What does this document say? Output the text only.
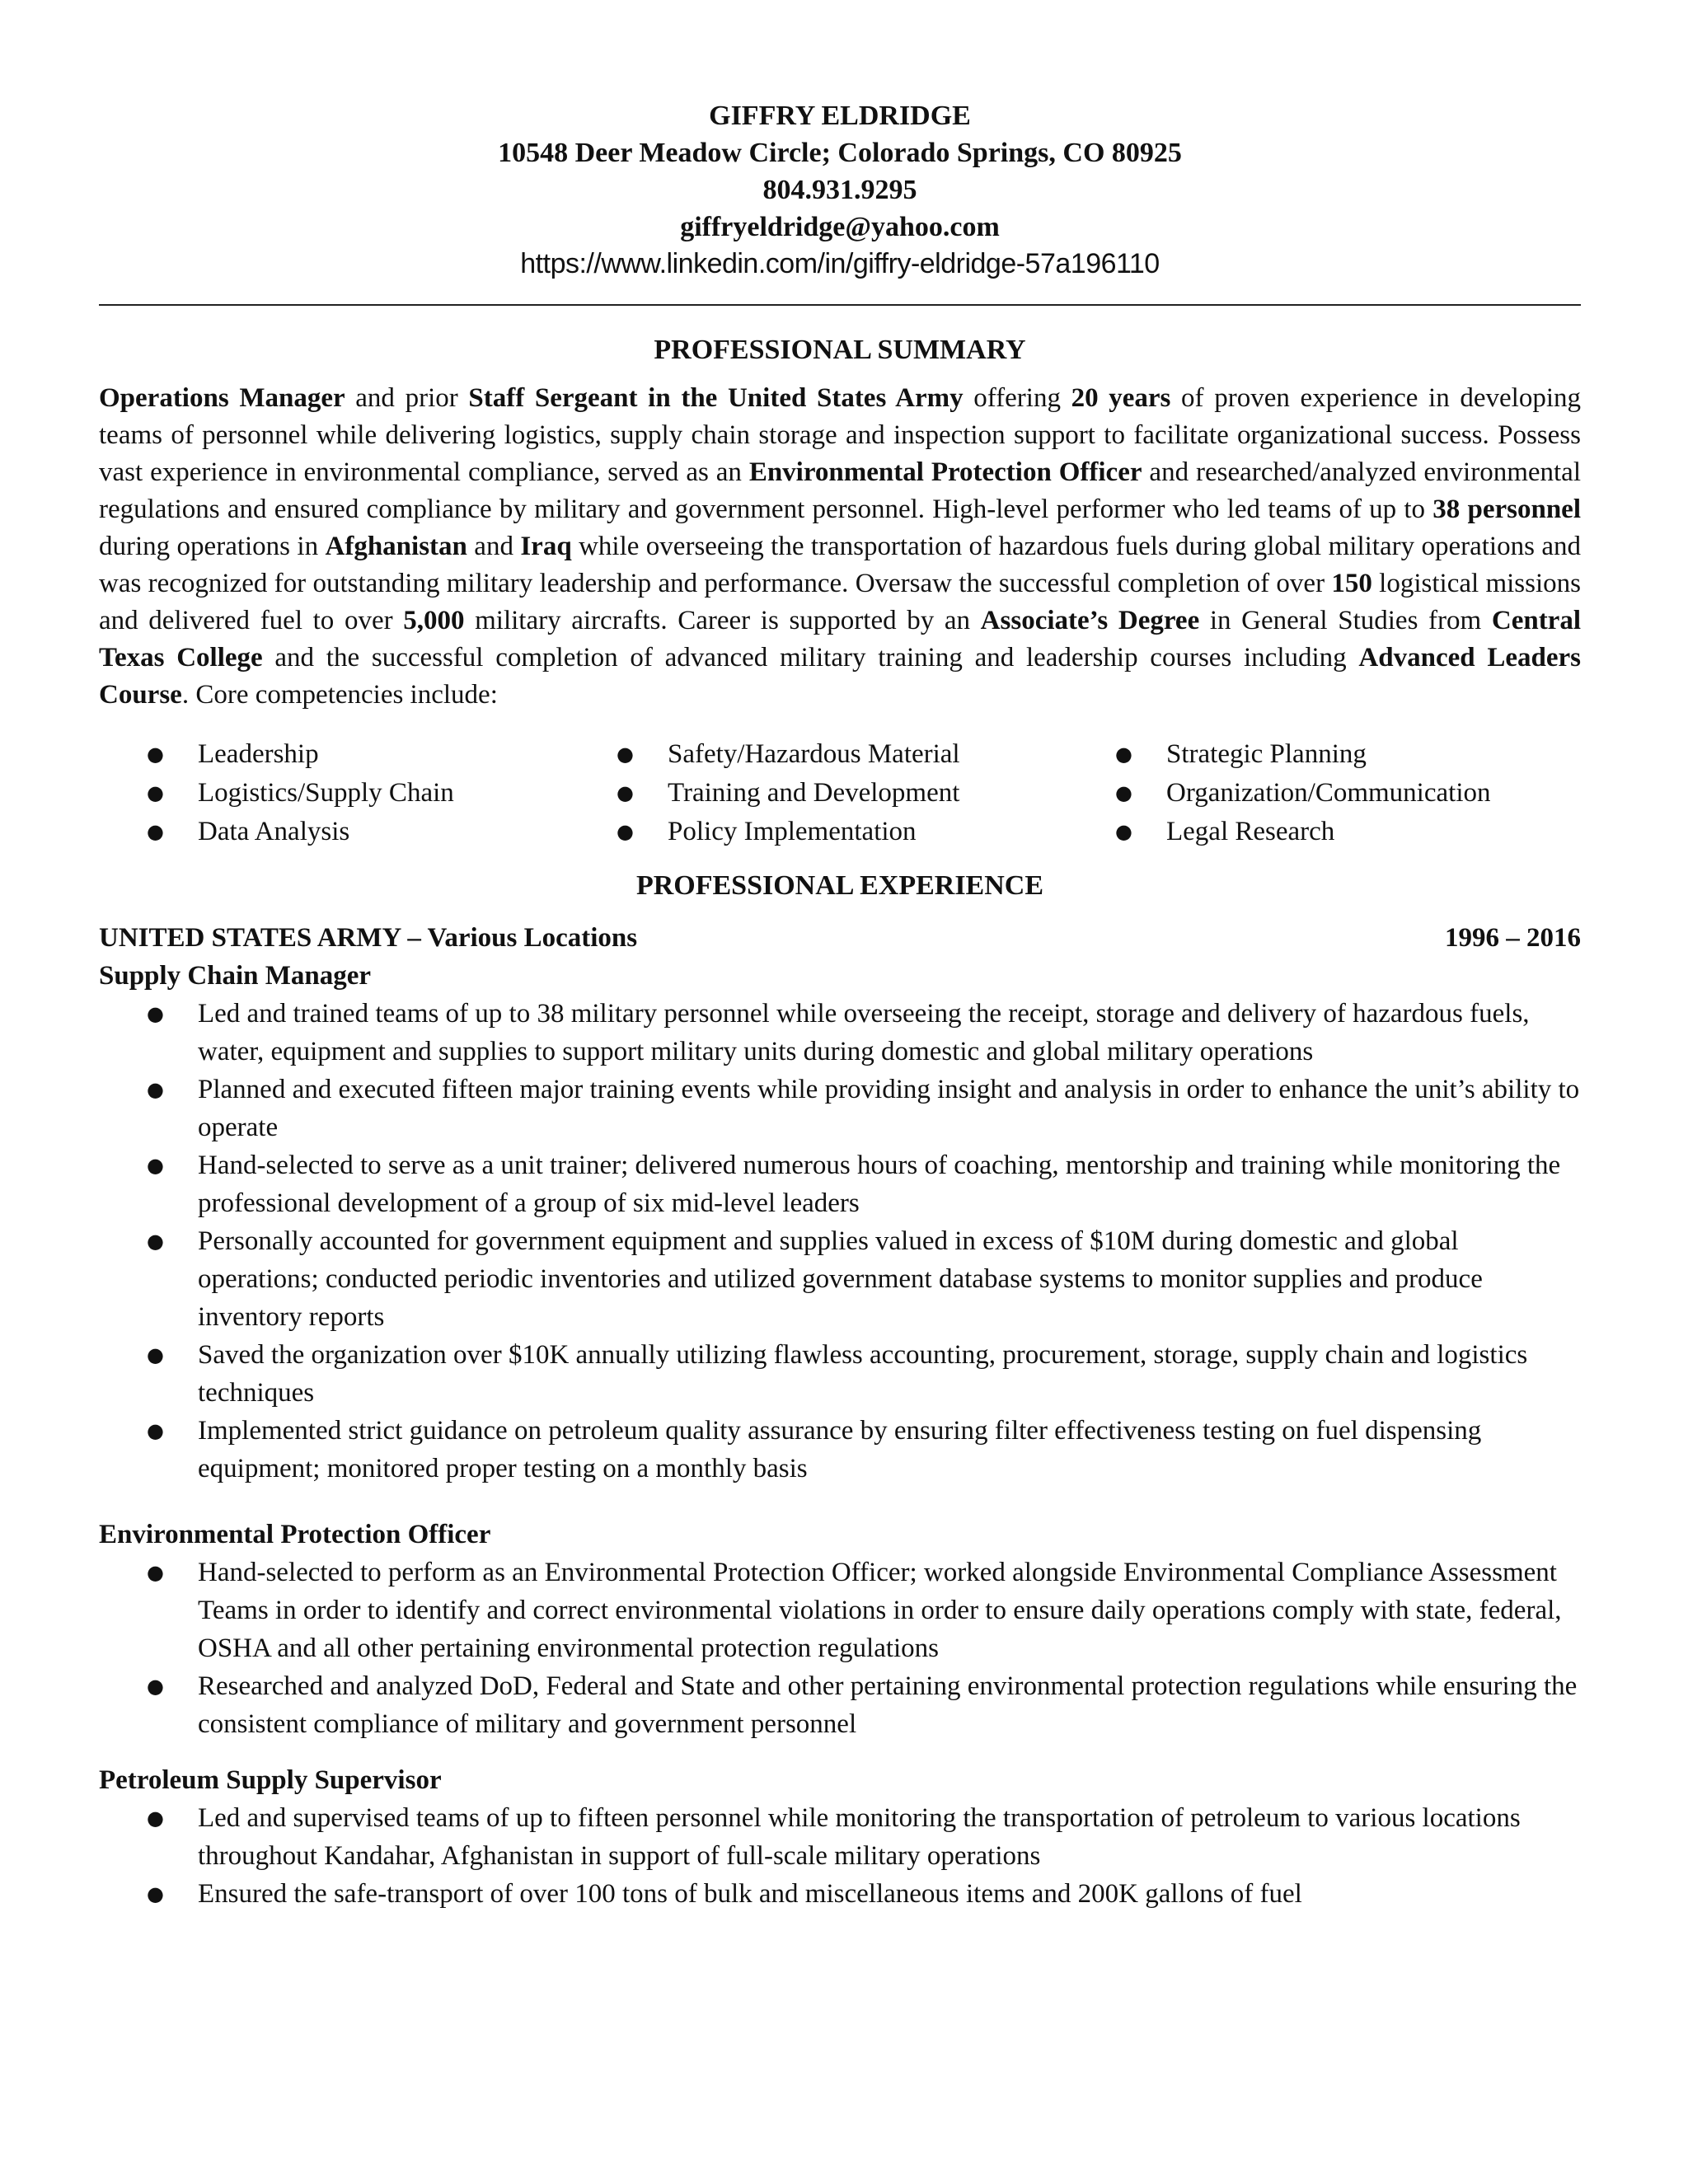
GIFFRY ELDRIDGE
10548 Deer Meadow Circle; Colorado Springs, CO 80925
804.931.9295
giffryeldridge@yahoo.com
https://www.linkedin.com/in/giffry-eldridge-57a196110
PROFESSIONAL SUMMARY

Operations Manager and prior Staff Sergeant in the United States Army offering 20 years of proven experience in developing teams of personnel while delivering logistics, supply chain storage and inspection support to facilitate organizational success. Possess vast experience in environmental compliance, served as an Environmental Protection Officer and researched/analyzed environmental regulations and ensured compliance by military and government personnel. High-level performer who led teams of up to 38 personnel during operations in Afghanistan and Iraq while overseeing the transportation of hazardous fuels during global military operations and was recognized for outstanding military leadership and performance. Oversaw the successful completion of over 150 logistical missions and delivered fuel to over 5,000 military aircrafts. Career is supported by an Associate’s Degree in General Studies from Central Texas College and the successful completion of advanced military training and leadership courses including Advanced Leaders Course. Core competencies include:

● Leadership
● Logistics/Supply Chain
● Data Analysis
● Safety/Hazardous Material
● Training and Development
● Policy Implementation
● Strategic Planning
● Organization/Communication
● Legal Research
PROFESSIONAL EXPERIENCE
UNITED STATES ARMY – Various Locations	1996 – 2016
Supply Chain Manager
● Led and trained teams of up to 38 military personnel while overseeing the receipt, storage and delivery of hazardous fuels, water, equipment and supplies to support military units during domestic and global military operations
● Planned and executed fifteen major training events while providing insight and analysis in order to enhance the unit’s ability to operate
● Hand-selected to serve as a unit trainer; delivered numerous hours of coaching, mentorship and training while monitoring the professional development of a group of six mid-level leaders
● Personally accounted for government equipment and supplies valued in excess of $10M during domestic and global operations; conducted periodic inventories and utilized government database systems to monitor supplies and produce inventory reports
● Saved the organization over $10K annually utilizing flawless accounting, procurement, storage, supply chain and logistics techniques
● Implemented strict guidance on petroleum quality assurance by ensuring filter effectiveness testing on fuel dispensing equipment; monitored proper testing on a monthly basis
Environmental Protection Officer
● Hand-selected to perform as an Environmental Protection Officer; worked alongside Environmental Compliance Assessment Teams in order to identify and correct environmental violations in order to ensure daily operations comply with state, federal, OSHA and all other pertaining environmental protection regulations
● Researched and analyzed DoD, Federal and State and other pertaining environmental protection regulations while ensuring the consistent compliance of military and government personnel
Petroleum Supply Supervisor
● Led and supervised teams of up to fifteen personnel while monitoring the transportation of petroleum to various locations throughout Kandahar, Afghanistan in support of full-scale military operations
● Ensured the safe-transport of over 100 tons of bulk and miscellaneous items and 200K gallons of fuel
